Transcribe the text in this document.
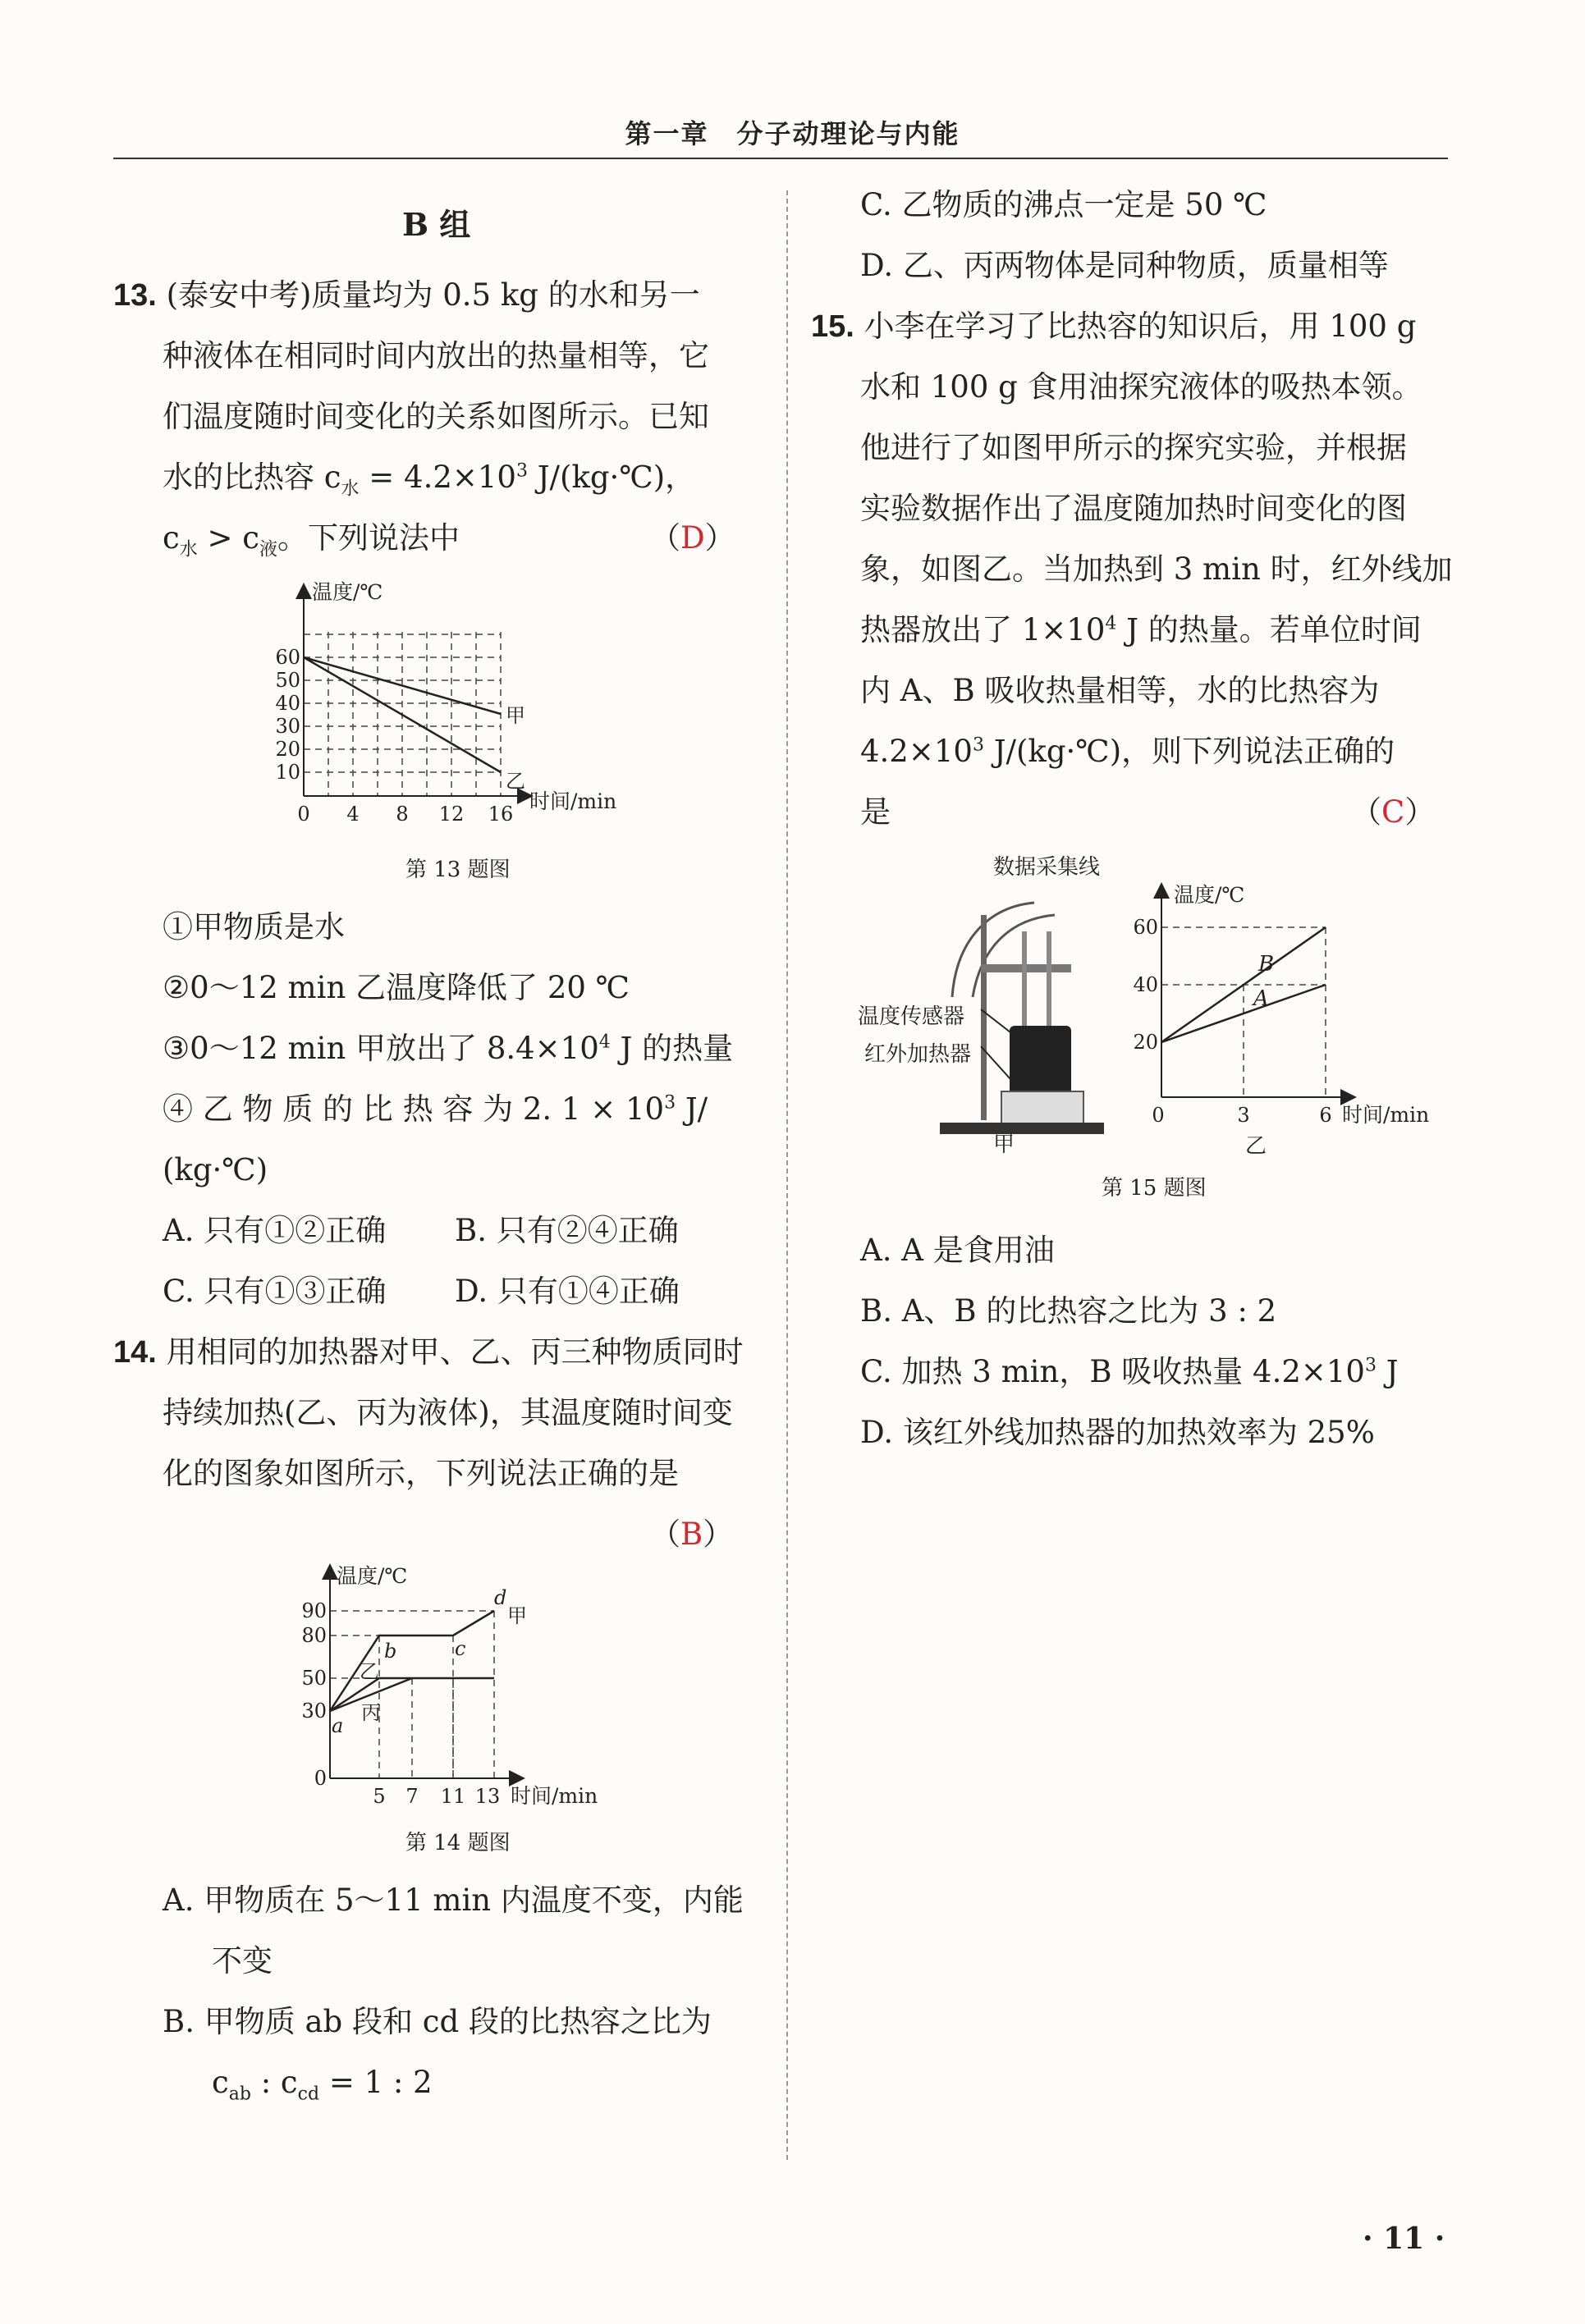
第一章　分子动理论与内能
B 组
13. (泰安中考)质量均为 0.5 kg 的水和另一
种液体在相同时间内放出的热量相等，它
们温度随时间变化的关系如图所示。已知
水的比热容 $c_水 = 4.2\times 10^3$ J/(kg·℃)，
$c_水 > c_液$。下列说法中	（D）
温度/℃
时间/min
60
50
40
30
20
10
0 4 8 12 16
甲
乙
第 13 题图
①甲物质是水
②0～12 min 乙温度降低了 20 ℃
③0～12 min 甲放出了 $8.4\times 10^4$ J 的热量
④ 乙 物 质 的 比 热 容 为 2. $1 \times 10^3$ J/
(kg·℃)
A. 只有①②正确 B. 只有②④正确
C. 只有①③正确 D. 只有①④正确
14. 用相同的加热器对甲、乙、丙三种物质同时
持续加热(乙、丙为液体)，其温度随时间变
化的图象如图所示，下列说法正确的是
（B）
温度/℃
时间/min
90
80
50
30
0
5 7 11 13
a
b	c
d
甲
乙
丙
第 14 题图
A. 甲物质在 5～11 min 内温度不变，内能
不变
B. 甲物质 ab 段和 cd 段的比热容之比为
$c_{ab}$ : $c_{cd} = 1$ : 2
C. 乙物质的沸点一定是 50 ℃
D. 乙、丙两物体是同种物质，质量相等
15. 小李在学习了比热容的知识后，用 100 g
水和 100 g 食用油探究液体的吸热本领。
他进行了如图甲所示的探究实验，并根据
实验数据作出了温度随加热时间变化的图
象，如图乙。当加热到 3 min 时，红外线加
热器放出了 $1\times 10^4$ J 的热量。若单位时间
内 A、B 吸收热量相等，水的比热容为
$4.2\times 10^3$ J/(kg·℃)，则下列说法正确的
是	（C）
数据采集线
温度传感器
红外加热器
甲
温度/℃
时间/min
60
40
20
0	3	6
B
A
乙
第 15 题图
A. A 是食用油
B. A、B 的比热容之比为 3 : 2
C. 加热 3 min，B 吸收热量 $4.2\times 10^3$ J
D. 该红外线加热器的加热效率为 25%
· 11 ·
